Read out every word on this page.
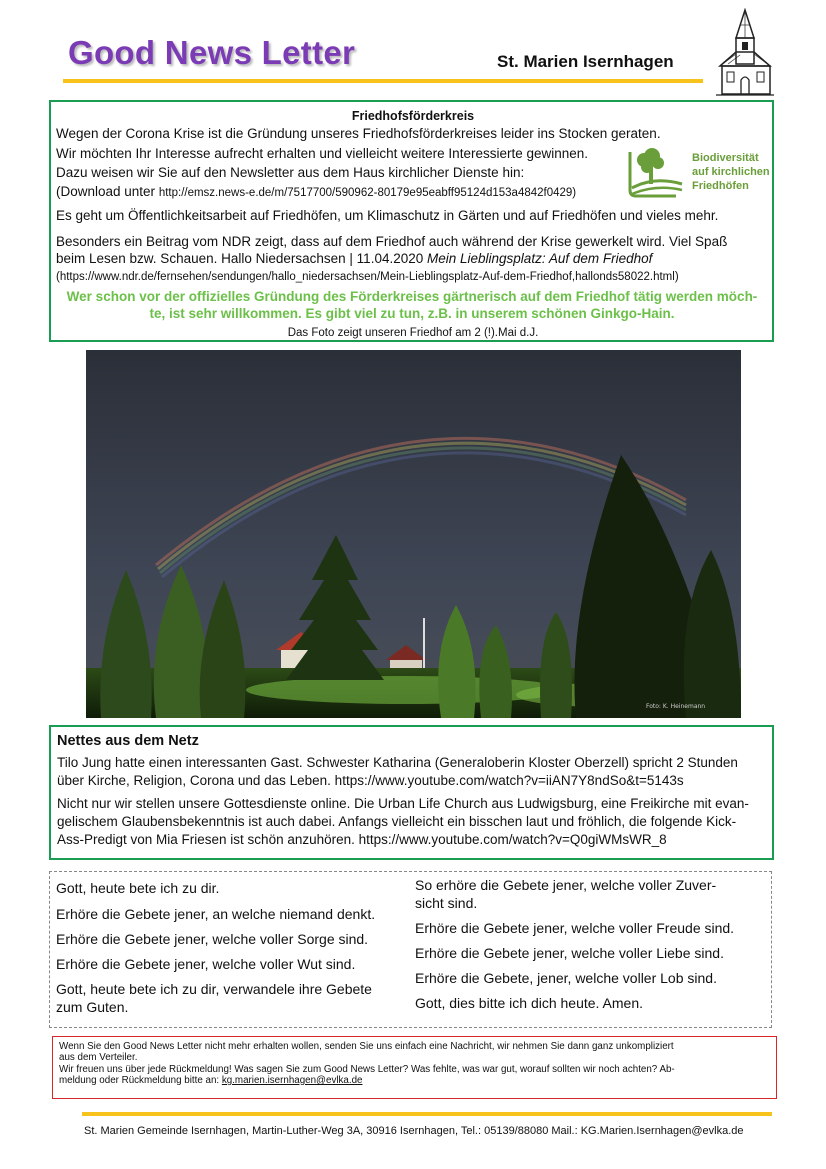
Good News Letter	St. Marien Isernhagen
Friedhofsförderkreis
Wegen der Corona Krise ist die Gründung unseres Friedhofsförderkreises leider ins Stocken geraten.
Wir möchten Ihr Interesse aufrecht erhalten und vielleicht weitere Interessierte gewinnen.
Dazu weisen wir Sie auf den Newsletter aus dem Haus kirchlicher Dienste hin:
(Download unter http://emsz.news-e.de/m/7517700/590962-80179e95eabff95124d153a4842f0429)
Es geht um Öffentlichkeitsarbeit auf Friedhöfen, um Klimaschutz in Gärten und auf Friedhöfen und vieles mehr.
Besonders ein Beitrag vom NDR zeigt, dass auf dem Friedhof auch während der Krise gewerkelt wird. Viel Spaß
beim Lesen bzw. Schauen. Hallo Niedersachsen | 11.04.2020 Mein Lieblingsplatz: Auf dem Friedhof
(https://www.ndr.de/fernsehen/sendungen/hallo_niedersachsen/Mein-Lieblingsplatz-Auf-dem-Friedhof,hallonds58022.html)
Wer schon vor der offizielles Gründung des Förderkreises gärtnerisch auf dem Friedhof tätig werden möch-
te, ist sehr willkommen. Es gibt viel zu tun, z.B. in unserem schönen Ginkgo-Hain.
Das Foto zeigt unseren Friedhof am 2 (!).Mai d.J.
Biodiversität
auf kirchlichen
Friedhöfen
Foto: K. Heinemann
Nettes aus dem Netz
Tilo Jung hatte einen interessanten Gast. Schwester Katharina (Generaloberin Kloster Oberzell) spricht 2 Stunden
über Kirche, Religion, Corona und das Leben. https://www.youtube.com/watch?v=iiAN7Y8ndSo&t=5143s
Nicht nur wir stellen unsere Gottesdienste online. Die Urban Life Church aus Ludwigsburg, eine Freikirche mit evan-
gelischem Glaubensbekenntnis ist auch dabei. Anfangs vielleicht ein bisschen laut und fröhlich, die folgende Kick-
Ass-Predigt von Mia Friesen ist schön anzuhören. https://www.youtube.com/watch?v=Q0giWMsWR_8
Gott, heute bete ich zu dir.
Erhöre die Gebete jener, an welche niemand denkt.
Erhöre die Gebete jener, welche voller Sorge sind.
Erhöre die Gebete jener, welche voller Wut sind.
Gott, heute bete ich zu dir, verwandele ihre Gebete
zum Guten.
So erhöre die Gebete jener, welche voller Zuver-
sicht sind.
Erhöre die Gebete jener, welche voller Freude sind.
Erhöre die Gebete jener, welche voller Liebe sind.
Erhöre die Gebete, jener, welche voller Lob sind.
Gott, dies bitte ich dich heute. Amen.
Wenn Sie den Good News Letter nicht mehr erhalten wollen, senden Sie uns einfach eine Nachricht, wir nehmen Sie dann ganz unkompliziert
aus dem Verteiler.
Wir freuen uns über jede Rückmeldung! Was sagen Sie zum Good News Letter? Was fehlte, was war gut, worauf sollten wir noch achten? Ab-
meldung oder Rückmeldung bitte an: kg.marien.isernhagen@evlka.de
St. Marien Gemeinde Isernhagen, Martin-Luther-Weg 3A, 30916 Isernhagen, Tel.: 05139/88080 Mail.: KG.Marien.Isernhagen@evlka.de
